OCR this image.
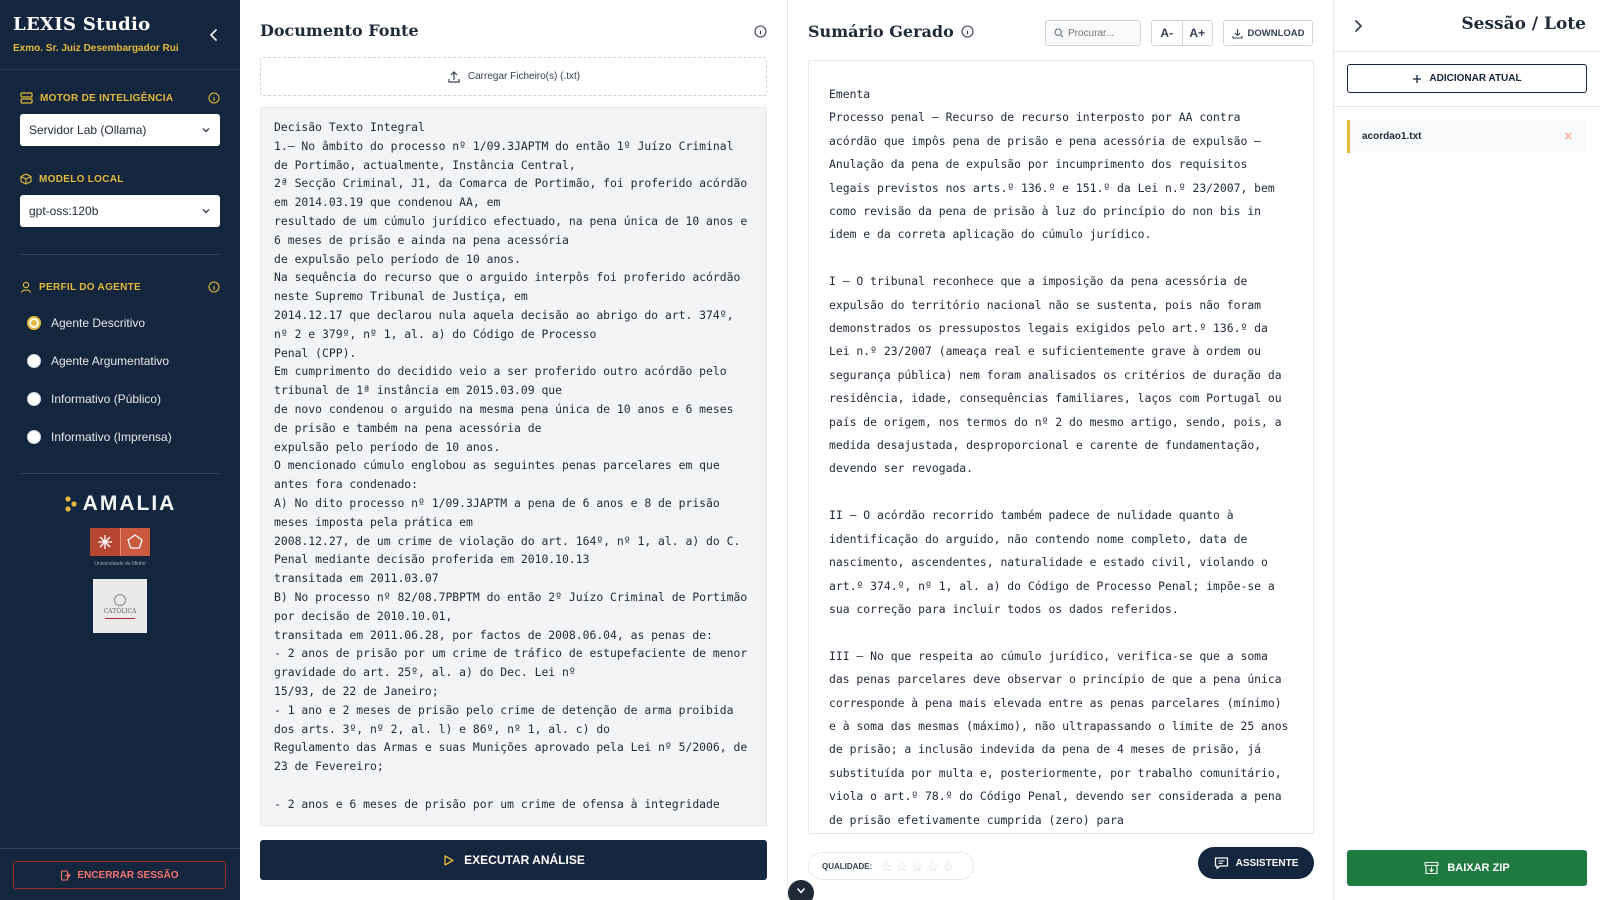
LEXIS Studio
Exmo. Sr. Juiz Desembargador Rui
MOTOR DE INTELIGÊNCIA
Servidor Lab (Ollama)
MODELO LOCAL
gpt-oss:120b
PERFIL DO AGENTE
Agente Descritivo
Agente Argumentativo
Informativo (Público)
Informativo (Imprensa)
AMALIA
Universidade do Minho
CATÓLICA
ENCERRAR SESSÃO
Documento Fonte
Carregar Ficheiro(s) (.txt)
Decisão Texto Integral
1.— No âmbito do processo nº 1/09.3JAPTM do então 1º Juízo Criminal de Portimão, actualmente, Instância Central,
2ª Secção Criminal, J1, da Comarca de Portimão, foi proferido acórdão em 2014.03.19 que condenou AA, em
resultado de um cúmulo jurídico efectuado, na pena única de 10 anos e 6 meses de prisão e ainda na pena acessória
de expulsão pelo período de 10 anos.
Na sequência do recurso que o arguido interpôs foi proferido acórdão neste Supremo Tribunal de Justiça, em
2014.12.17 que declarou nula aquela decisão ao abrigo do art. 374º, nº 2 e 379º, nº 1, al. a) do Código de Processo
Penal (CPP).
Em cumprimento do decidido veio a ser proferido outro acórdão pelo tribunal de 1ª instância em 2015.03.09 que
de novo condenou o arguido na mesma pena única de 10 anos e 6 meses de prisão e também na pena acessória de
expulsão pelo período de 10 anos.
O mencionado cúmulo englobou as seguintes penas parcelares em que antes fora condenado:
A) No dito processo nº 1/09.3JAPTM a pena de 6 anos e 8 de prisão meses imposta pela prática em
2008.12.27, de um crime de violação do art. 164º, nº 1, al. a) do C. Penal mediante decisão proferida em 2010.10.13
transitada em 2011.03.07
B) No processo nº 82/08.7PBPTM do então 2º Juízo Criminal de Portimão por decisão de 2010.10.01,
transitada em 2011.06.28, por factos de 2008.06.04, as penas de:
- 2 anos de prisão por um crime de tráfico de estupefaciente de menor gravidade do art. 25º, al. a) do Dec. Lei nº
15/93, de 22 de Janeiro;
- 1 ano e 2 meses de prisão pelo crime de detenção de arma proibida dos arts. 3º, nº 2, al. l) e 86º, nº 1, al. c) do
Regulamento das Armas e suas Munições aprovado pela Lei nº 5/2006, de 23 de Fevereiro;

- 2 anos e 6 meses de prisão por um crime de ofensa à integridade
EXECUTAR ANÁLISE
Sumário Gerado
Procurar...	A-	A+	DOWNLOAD

Ementa
Processo penal – Recurso de recurso interposto por AA contra acórdão que impôs pena de prisão e pena acessória de expulsão – Anulação da pena de expulsão por incumprimento dos requisitos legais previstos nos arts.º 136.º e 151.º da Lei n.º 23/2007, bem como revisão da pena de prisão à luz do princípio do non bis in idem e da correta aplicação do cúmulo jurídico.

I – O tribunal reconhece que a imposição da pena acessória de expulsão do território nacional não se sustenta, pois não foram demonstrados os pressupostos legais exigidos pelo art.º 136.º da Lei n.º 23/2007 (ameaça real e suficientemente grave à ordem ou segurança pública) nem foram analisados os critérios de duração da residência, idade, consequências familiares, laços com Portugal ou país de origem, nos termos do nº 2 do mesmo artigo, sendo, pois, a medida desajustada, desproporcional e carente de fundamentação, devendo ser revogada.

II – O acórdão recorrido também padece de nulidade quanto à identificação do arguido, não contendo nome completo, data de nascimento, ascendentes, naturalidade e estado civil, violando o art.º 374.º, nº 1, al. a) do Código de Processo Penal; impõe-se a sua correção para incluir todos os dados referidos.

III – No que respeita ao cúmulo jurídico, verifica-se que a soma das penas parcelares deve observar o princípio de que a pena única corresponde à pena mais elevada entre as penas parcelares (mínimo) e à soma das mesmas (máximo), não ultrapassando o limite de 25 anos de prisão; a inclusão indevida da pena de 4 meses de prisão, já substituída por multa e, posteriormente, por trabalho comunitário, viola o art.º 78.º do Código Penal, devendo ser considerada a pena de prisão efetivamente cumprida (zero) para

QUALIDADE: ☆ ☆ ☆ ☆ ☆	ASSISTENTE
Sessão / Lote
ADICIONAR ATUAL
acordao1.txt	✕
BAIXAR ZIP
